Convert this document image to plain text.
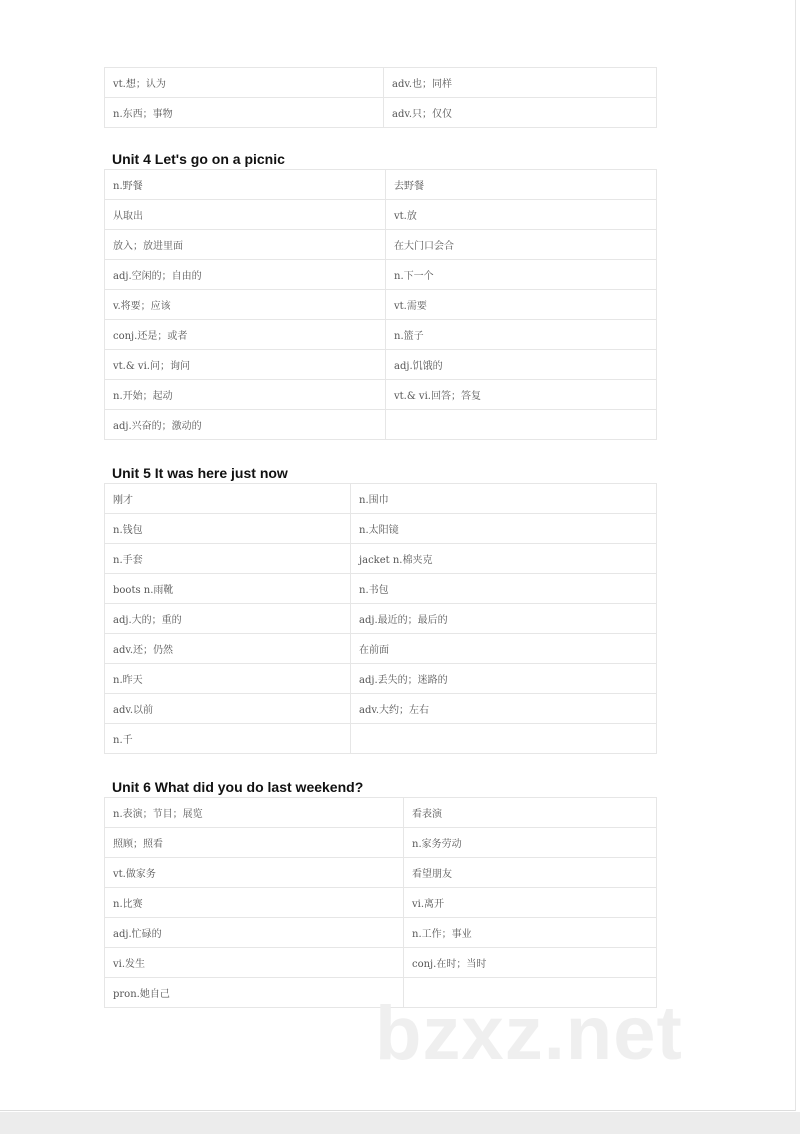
vt.想；认为	adv.也；同样
n.东西；事物	adv.只；仅仅
Unit 4 Let's go on a picnic
n.野餐	去野餐
从取出	vt.放
放入；放进里面	在大门口会合
adj.空闲的；自由的	n.下一个
v.将要；应该	vt.需要
conj.还是；或者	n.篮子
vt.& vi.问；询问	adj.饥饿的
n.开始；起动	vt.& vi.回答；答复
adj.兴奋的；激动的	
Unit 5 It was here just now
刚才	n.围巾
n.钱包	n.太阳镜
n.手套	jacket n.棉夹克
boots n.雨靴	n.书包
adj.大的；重的	adj.最近的；最后的
adv.还；仍然	在前面
n.昨天	adj.丢失的；迷路的
adv.以前	adv.大约；左右
n.千	
Unit 6 What did you do last weekend?
n.表演；节目；展览	看表演
照顾；照看	n.家务劳动
vt.做家务	看望朋友
n.比赛	vi.离开
adj.忙碌的	n.工作；事业
vi.发生	conj.在时；当时
pron.她自己		bzxz.net
